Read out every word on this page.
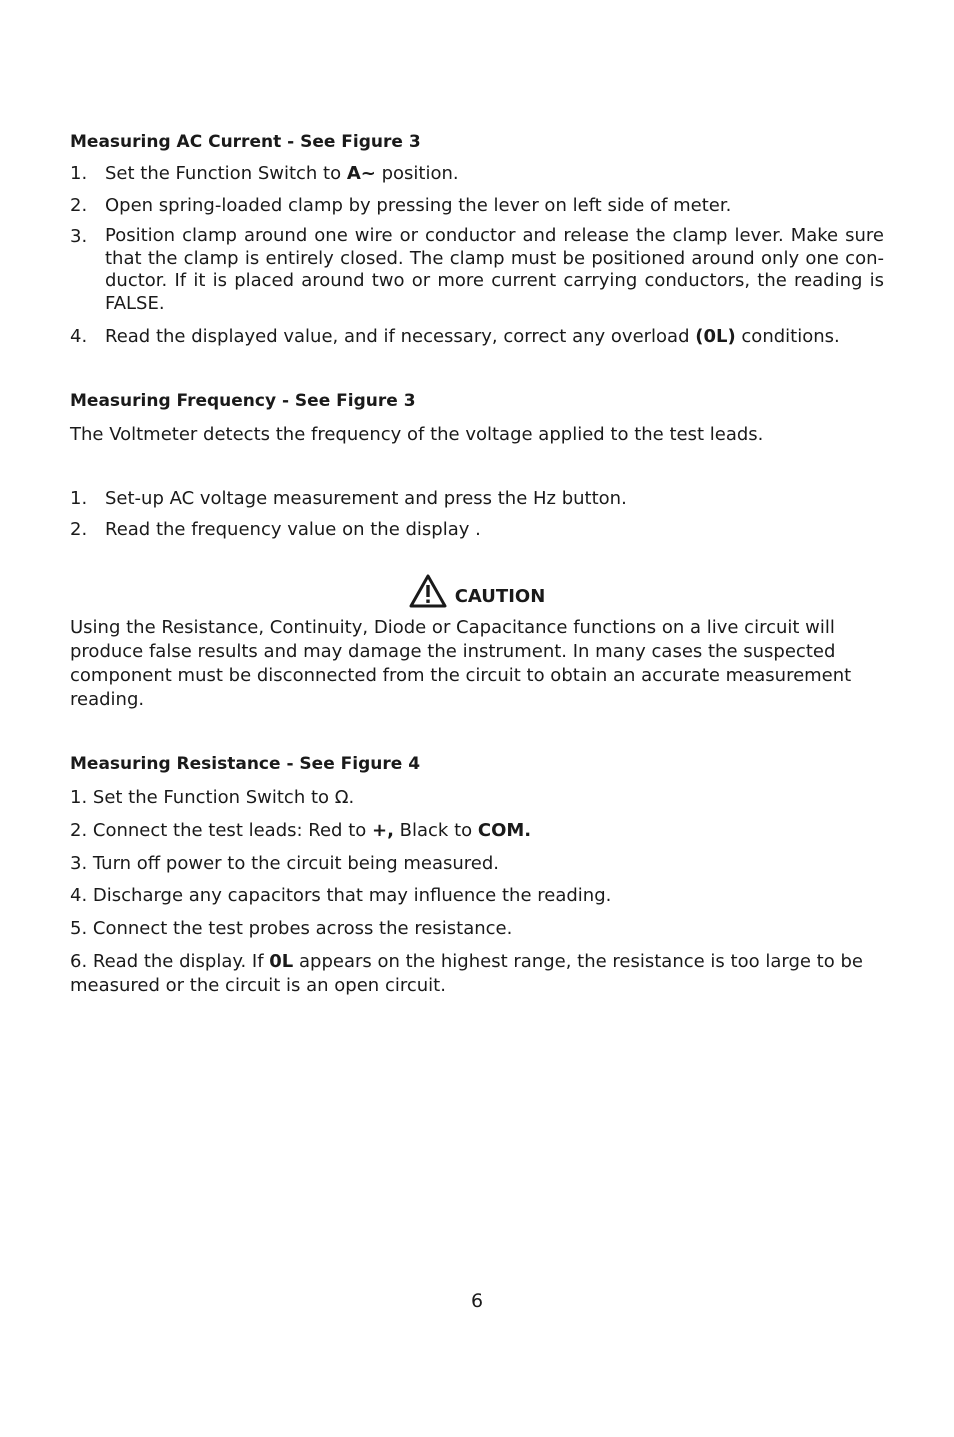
Measuring AC Current - See Figure 3
1. Set the Function Switch to A~ position.
2. Open spring-loaded clamp by pressing the lever on left side of meter.
3. Position clamp around one wire or conductor and release the clamp lever. Make sure that the clamp is entirely closed. The clamp must be positioned around only one con-ductor. If it is placed around two or more current carrying conductors, the reading is FALSE.
4. Read the displayed value, and if necessary, correct any overload (0L) conditions.
Measuring Frequency - See Figure 3
The Voltmeter detects the frequency of the voltage applied to the test leads.
1. Set-up AC voltage measurement and press the Hz button.
2. Read the frequency value on the display .
CAUTION
Using the Resistance, Continuity, Diode or Capacitance functions on a live circuit will produce false results and may damage the instrument. In many cases the suspected component must be disconnected from the circuit to obtain an accurate measurement reading.
Measuring Resistance - See Figure 4
1. Set the Function Switch to Ω.
2. Connect the test leads: Red to +, Black to COM.
3. Turn off power to the circuit being measured.
4. Discharge any capacitors that may influence the reading.
5. Connect the test probes across the resistance.
6. Read the display. If 0L appears on the highest range, the resistance is too large to be measured or the circuit is an open circuit.
6
